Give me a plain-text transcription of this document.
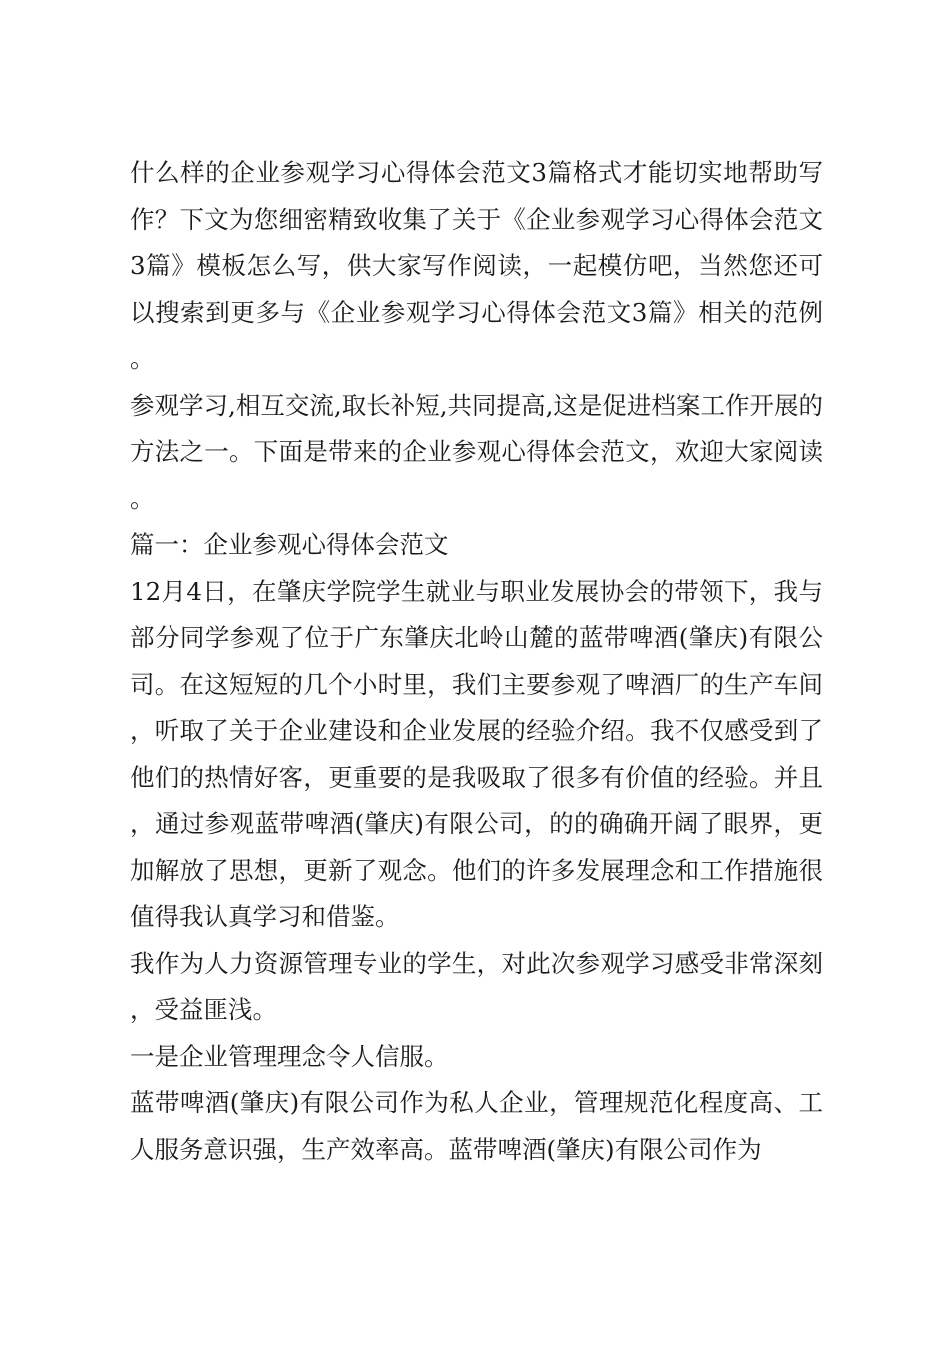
什么样的企业参观学习心得体会范文3篇格式才能切实地帮助写作？下文为您细密精致收集了关于《企业参观学习心得体会范文3篇》模板怎么写，供大家写作阅读，一起模仿吧，当然您还可以搜索到更多与《企业参观学习心得体会范文3篇》相关的范例。

参观学习,相互交流,取长补短,共同提高,这是促进档案工作开展的方法之一。下面是带来的企业参观心得体会范文，欢迎大家阅读。

篇一：企业参观心得体会范文

12月4日，在肇庆学院学生就业与职业发展协会的带领下，我与部分同学参观了位于广东肇庆北岭山麓的蓝带啤酒(肇庆)有限公司。在这短短的几个小时里，我们主要参观了啤酒厂的生产车间，听取了关于企业建设和企业发展的经验介绍。我不仅感受到了他们的热情好客，更重要的是我吸取了很多有价值的经验。并且，通过参观蓝带啤酒(肇庆)有限公司，的的确确开阔了眼界，更加解放了思想，更新了观念。他们的许多发展理念和工作措施很值得我认真学习和借鉴。

我作为人力资源管理专业的学生，对此次参观学习感受非常深刻，受益匪浅。

一是企业管理理念令人信服。

蓝带啤酒(肇庆)有限公司作为私人企业，管理规范化程度高、工人服务意识强，生产效率高。蓝带啤酒(肇庆)有限公司作为
